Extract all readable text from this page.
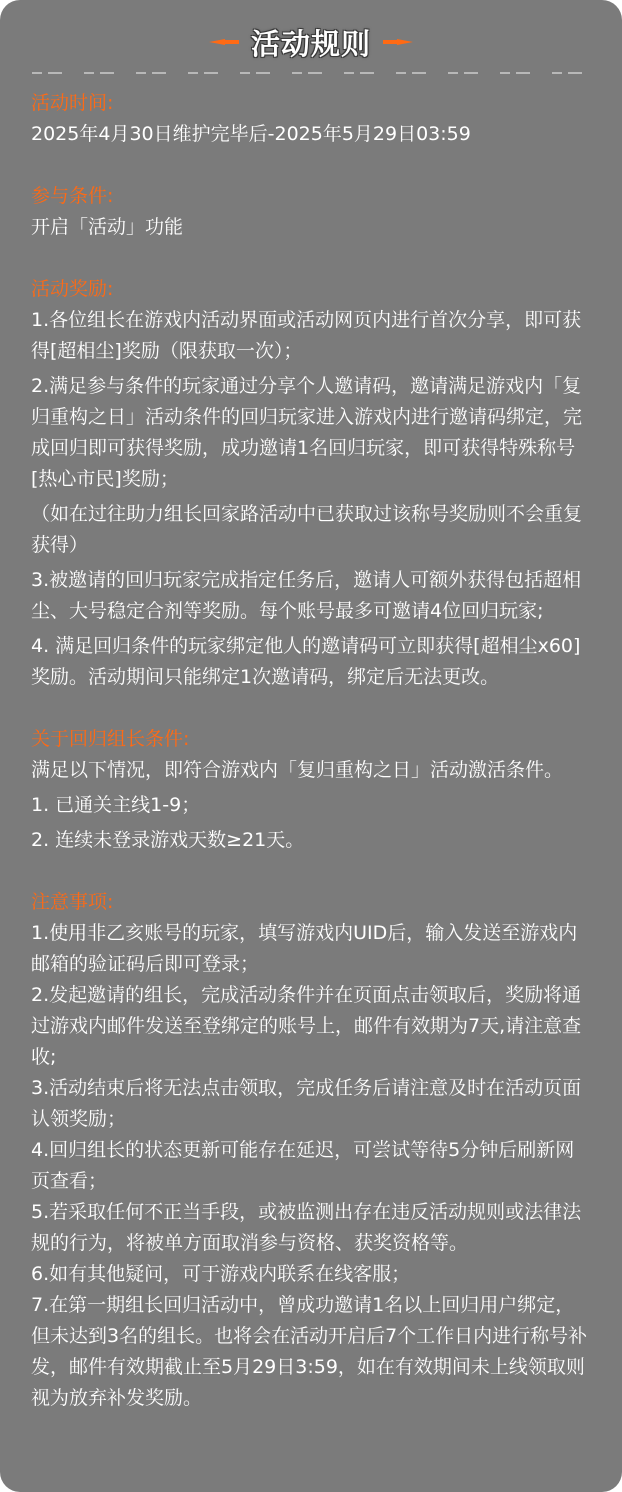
活动规则
活动时间:
2025年4月30日维护完毕后-2025年5月29日03:59
参与条件:
开启「活动」功能
活动奖励:
1.各位组长在游戏内活动界面或活动网页内进行首次分享，即可获得[超相尘]奖励（限获取一次）；
2.满足参与条件的玩家通过分享个人邀请码，邀请满足游戏内「复归重构之日」活动条件的回归玩家进入游戏内进行邀请码绑定，完成回归即可获得奖励，成功邀请1名回归玩家，即可获得特殊称号[热心市民]奖励；
（如在过往助力组长回家路活动中已获取过该称号奖励则不会重复获得）
3.被邀请的回归玩家完成指定任务后，邀请人可额外获得包括超相尘、大号稳定合剂等奖励。每个账号最多可邀请4位回归玩家;
4. 满足回归条件的玩家绑定他人的邀请码可立即获得[超相尘x60]奖励。活动期间只能绑定1次邀请码，绑定后无法更改。
关于回归组长条件:
满足以下情况，即符合游戏内「复归重构之日」活动激活条件。
1. 已通关主线1-9；
2. 连续未登录游戏天数≥21天。
注意事项:
1.使用非乙亥账号的玩家，填写游戏内UID后，输入发送至游戏内邮箱的验证码后即可登录；
2.发起邀请的组长，完成活动条件并在页面点击领取后，奖励将通过游戏内邮件发送至登绑定的账号上，邮件有效期为7天,请注意查收;
3.活动结束后将无法点击领取，完成任务后请注意及时在活动页面认领奖励；
4.回归组长的状态更新可能存在延迟，可尝试等待5分钟后刷新网页查看；
5.若采取任何不正当手段，或被监测出存在违反活动规则或法律法规的行为，将被单方面取消参与资格、获奖资格等。
6.如有其他疑问，可于游戏内联系在线客服；
7.在第一期组长回归活动中，曾成功邀请1名以上回归用户绑定，但未达到3名的组长。也将会在活动开启后7个工作日内进行称号补发，邮件有效期截止至5月29日3:59，如在有效期间未上线领取则视为放弃补发奖励。
